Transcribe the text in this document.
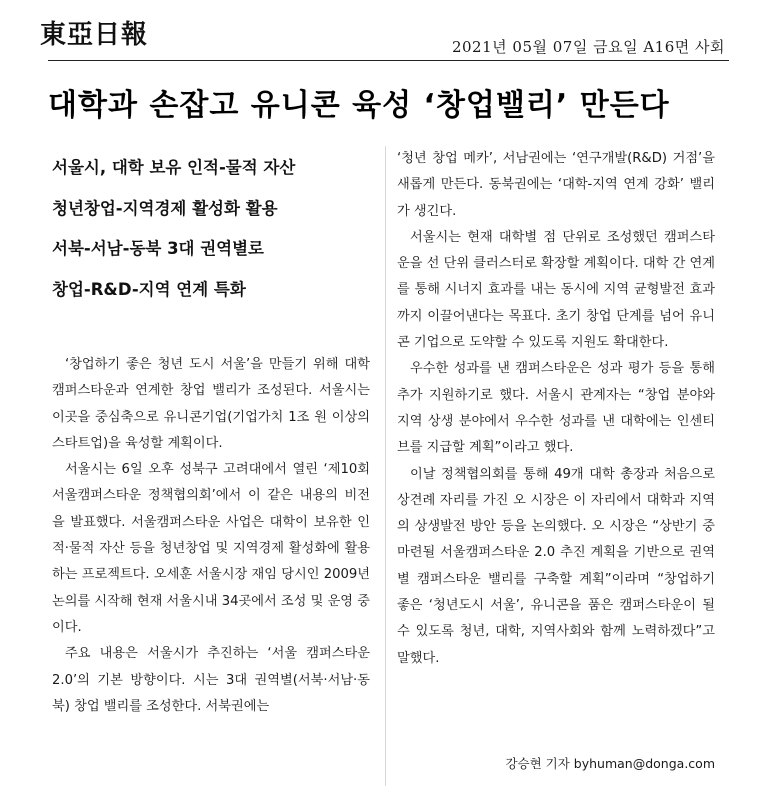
東亞日報	2021년 05월 07일 금요일 A16면 사회
대학과 손잡고 유니콘 육성 ‘창업밸리’ 만든다
서울시, 대학 보유 인적-물적 자산
청년창업-지역경제 활성화 활용
서북-서남-동북 3대 권역별로
창업-R&D-지역 연계 특화

‘창업하기 좋은 청년 도시 서울’을 만들기 위해 대학 캠퍼스타운과 연계한 창업 밸리가 조성된다. 서울시는 이곳을 중심축으로 유니콘기업(기업가치 1조 원 이상의 스타트업)을 육성할 계획이다.

서울시는 6일 오후 성북구 고려대에서 열린 ‘제10회 서울캠퍼스타운 정책협의회’에서 이 같은 내용의 비전을 발표했다. 서울캠퍼스타운 사업은 대학이 보유한 인적·물적 자산 등을 청년창업 및 지역경제 활성화에 활용하는 프로젝트다. 오세훈 서울시장 재임 당시인 2009년 논의를 시작해 현재 서울시내 34곳에서 조성 및 운영 중이다.

주요 내용은 서울시가 추진하는 ‘서울 캠퍼스타운 2.0’의 기본 방향이다. 시는 3대 권역별(서북·서남·동북) 창업 밸리를 조성한다. 서북권에는

‘청년 창업 메카’, 서남권에는 ‘연구개발(R&D) 거점’을 새롭게 만든다. 동북권에는 ‘대학-지역 연계 강화’ 밸리가 생긴다.

서울시는 현재 대학별 점 단위로 조성했던 캠퍼스타운을 선 단위 클러스터로 확장할 계획이다. 대학 간 연계를 통해 시너지 효과를 내는 동시에 지역 균형발전 효과까지 이끌어낸다는 목표다. 초기 창업 단계를 넘어 유니콘 기업으로 도약할 수 있도록 지원도 확대한다.

우수한 성과를 낸 캠퍼스타운은 성과 평가 등을 통해 추가 지원하기로 했다. 서울시 관계자는 “창업 분야와 지역 상생 분야에서 우수한 성과를 낸 대학에는 인센티브를 지급할 계획”이라고 했다.

이날 정책협의회를 통해 49개 대학 총장과 처음으로 상견례 자리를 가진 오 시장은 이 자리에서 대학과 지역의 상생발전 방안 등을 논의했다. 오 시장은 “상반기 중 마련될 서울캠퍼스타운 2.0 추진 계획을 기반으로 권역별 캠퍼스타운 밸리를 구축할 계획”이라며 “창업하기 좋은 ‘청년도시 서울’, 유니콘을 품은 캠퍼스타운이 될 수 있도록 청년, 대학, 지역사회와 함께 노력하겠다”고 말했다.

강승현 기자 byhuman@donga.com
